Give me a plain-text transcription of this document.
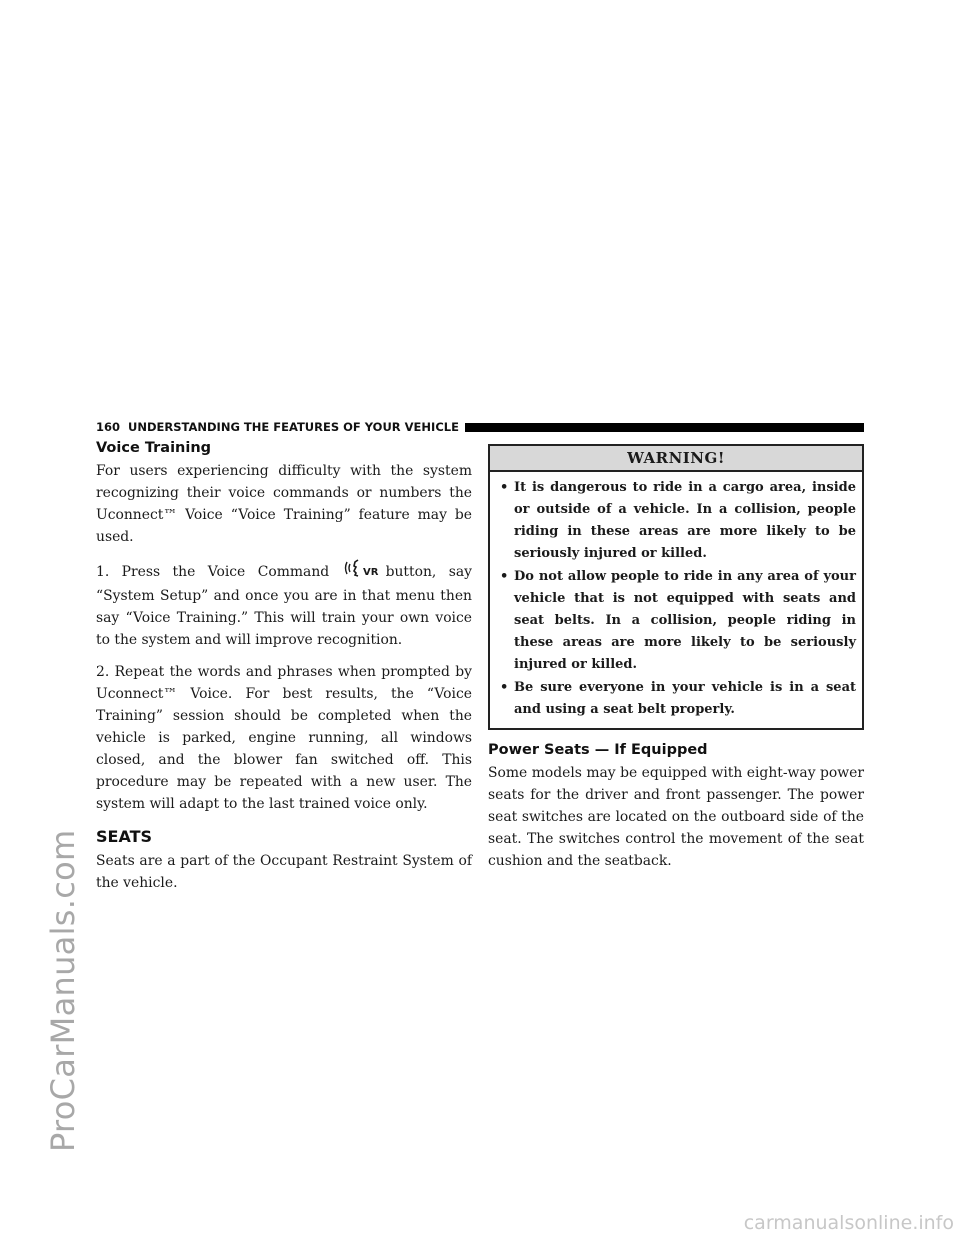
ProCarManuals.com
160 UNDERSTANDING THE FEATURES OF YOUR VEHICLE
Voice Training

For users experiencing difficulty with the system recognizing their voice commands or numbers the Uconnect™ Voice “Voice Training” feature may be used.

1. Press the Voice Command	VR button, say “System Setup” and once you are in that menu then say “Voice Training.” This will train your own voice to the system and will improve recognition.

2. Repeat the words and phrases when prompted by Uconnect™ Voice. For best results, the “Voice Training” session should be completed when the vehicle is parked, engine running, all windows closed, and the blower fan switched off. This procedure may be repeated with a new user. The system will adapt to the last trained voice only.

SEATS

Seats are a part of the Occupant Restraint System of the vehicle.

WARNING!
• It is dangerous to ride in a cargo area, inside or outside of a vehicle. In a collision, people riding in these areas are more likely to be seriously injured or killed.
• Do not allow people to ride in any area of your vehicle that is not equipped with seats and seat belts. In a collision, people riding in these areas are more likely to be seriously injured or killed.
• Be sure everyone in your vehicle is in a seat and using a seat belt properly.
Power Seats — If Equipped

Some models may be equipped with eight-way power seats for the driver and front passenger. The power seat switches are located on the outboard side of the seat. The switches control the movement of the seat cushion and the seatback.

carmanualsonline.info
